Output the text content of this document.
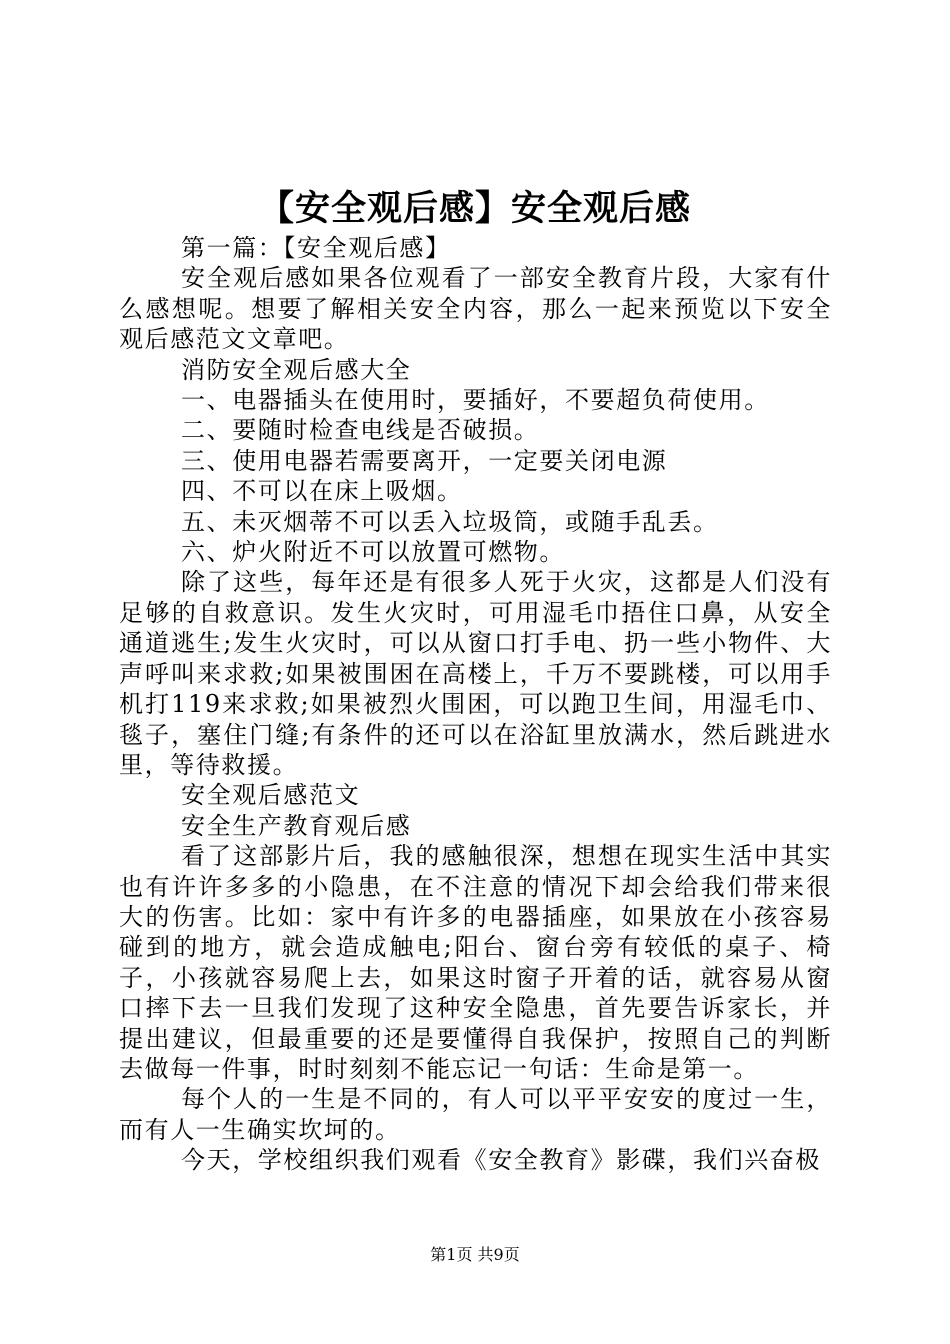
【安全观后感】安全观后感

第一篇：【安全观后感】

安全观后感如果各位观看了一部安全教育片段，大家有什么感想呢。想要了解相关安全内容，那么一起来预览以下安全观后感范文文章吧。

消防安全观后感大全

一、电器插头在使用时，要插好，不要超负荷使用。

二、要随时检查电线是否破损。

三、使用电器若需要离开，一定要关闭电源

四、不可以在床上吸烟。

五、未灭烟蒂不可以丢入垃圾筒，或随手乱丢。

六、炉火附近不可以放置可燃物。

除了这些，每年还是有很多人死于火灾，这都是人们没有足够的自救意识。发生火灾时，可用湿毛巾捂住口鼻，从安全通道逃生;发生火灾时，可以从窗口打手电、扔一些小物件、大声呼叫来求救;如果被围困在高楼上，千万不要跳楼，可以用手机打119来求救;如果被烈火围困，可以跑卫生间，用湿毛巾、毯子，塞住门缝;有条件的还可以在浴缸里放满水，然后跳进水里，等待救援。

安全观后感范文

安全生产教育观后感

看了这部影片后，我的感触很深，想想在现实生活中其实也有许许多多的小隐患，在不注意的情况下却会给我们带来很大的伤害。比如：家中有许多的电器插座，如果放在小孩容易碰到的地方，就会造成触电;阳台、窗台旁有较低的桌子、椅子，小孩就容易爬上去，如果这时窗子开着的话，就容易从窗口摔下去一旦我们发现了这种安全隐患，首先要告诉家长，并提出建议，但最重要的还是要懂得自我保护，按照自己的判断去做每一件事，时时刻刻不能忘记一句话：生命是第一。

每个人的一生是不同的，有人可以平平安安的度过一生，而有人一生确实坎坷的。

今天，学校组织我们观看《安全教育》影碟，我们兴奋极

第1页 共9页
